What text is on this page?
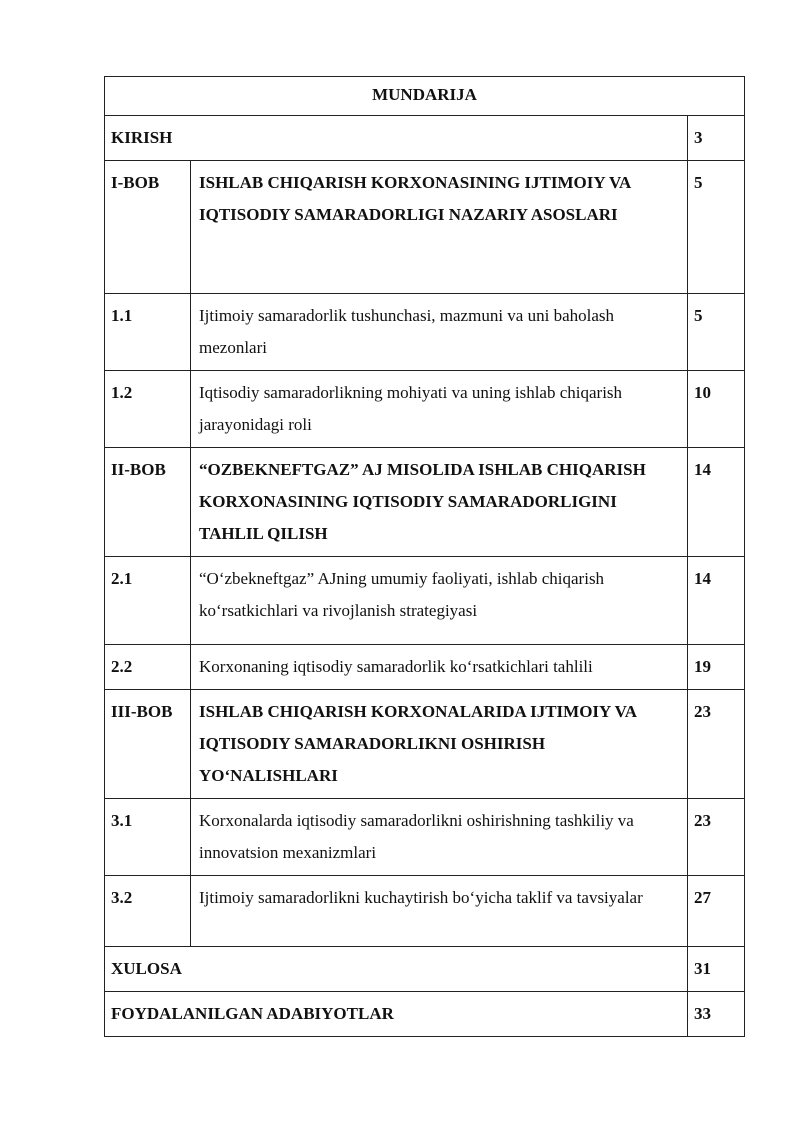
MUNDARIJA		
KIRISH		3
I-BOB	ISHLAB CHIQARISH KORXONASINING IJTIMOIY VA IQTISODIY SAMARADORLIGI NAZARIY ASOSLARI	5
1.1	Ijtimoiy samaradorlik tushunchasi, mazmuni va uni baholash mezonlari	5
1.2	Iqtisodiy samaradorlikning mohiyati va uning ishlab chiqarish jarayonidagi roli	10
II-BOB	“OZBEKNEFTGAZ” AJ MISOLIDA ISHLAB CHIQARISH KORXONASINING IQTISODIY SAMARADORLIGINI TAHLIL QILISH	14
2.1	“O‘zbekneftgaz” AJning umumiy faoliyati, ishlab chiqarish ko‘rsatkichlari va rivojlanish strategiyasi	14
2.2	Korxonaning iqtisodiy samaradorlik ko‘rsatkichlari tahlili	19
III-BOB	ISHLAB CHIQARISH KORXONALARIDA IJTIMOIY VA IQTISODIY SAMARADORLIKNI OSHIRISH YO‘NALISHLARI	23
3.1	Korxonalarda iqtisodiy samaradorlikni oshirishning tashkiliy va innovatsion mexanizmlari	23
3.2	Ijtimoiy samaradorlikni kuchaytirish bo‘yicha taklif va tavsiyalar	27
XULOSA		31
FOYDALANILGAN ADABIYOTLAR		33
